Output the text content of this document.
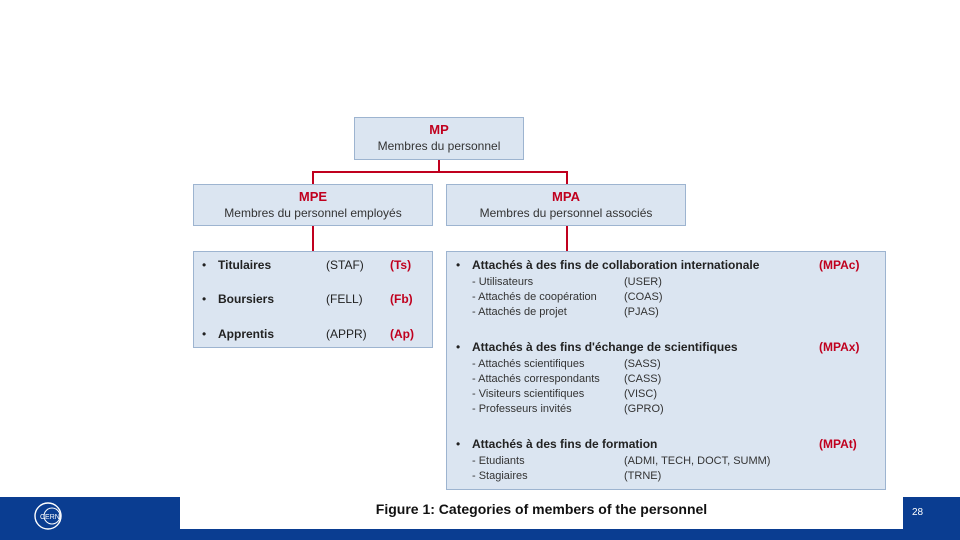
MP
Membres du personnel
MPE
Membres du personnel employés
MPA
Membres du personnel associés
• Titulaires	(STAF) (Ts)
• Boursiers	(FELL) (Fb)
• Apprentis	(APPR) (Ap)
• Attachés à des fins de collaboration internationale	(MPAc)
- Utilisateurs	(USER)
- Attachés de coopération (COAS)
- Attachés de projet	(PJAS)
• Attachés à des fins d'échange de scientifiques	(MPAx)
- Attachés scientifiques	(SASS)
- Attachés correspondants (CASS)
- Visiteurs scientifiques	(VISC)
- Professeurs invités	(GPRO)
• Attachés à des fins de formation	(MPAt)
- Etudiants	(ADMI, TECH, DOCT, SUMM)
- Stagiaires	(TRNE)
Figure 1: Categories of members of the personnel	28
CERN
